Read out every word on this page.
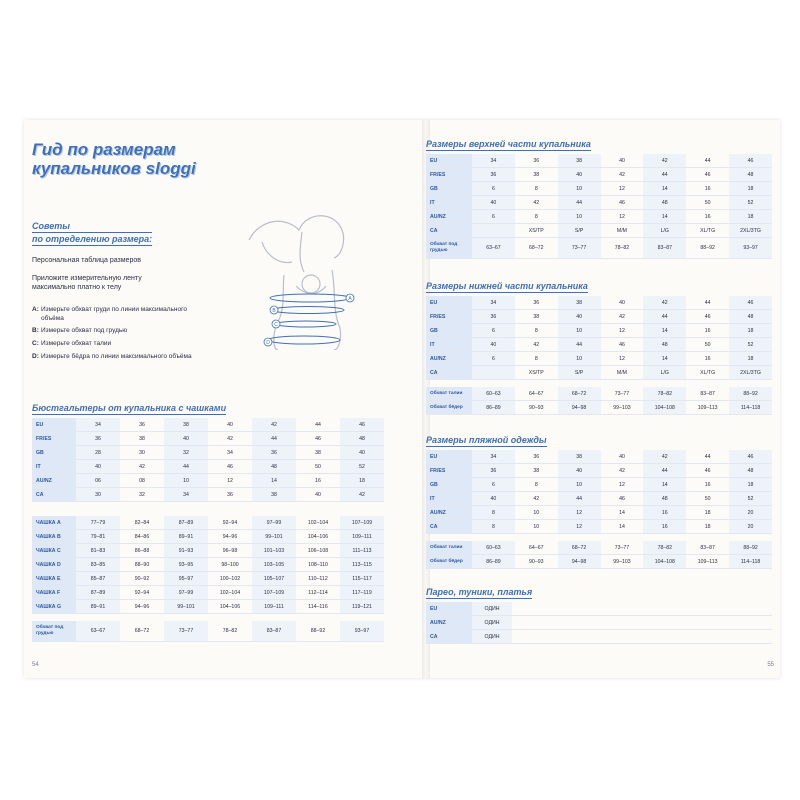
Гид по размерам
купальников sloggi
Советы
по отределению размера:
Персональная таблица размеров
Приложите измерительную ленту
максимально платно к телу
A: Измерьте обхват груди по линии максимального объёма
B: Измерьте обхват под грудью
C: Измерьте обхват талии
D: Измерьте бёдра по линии максимального объёма
A
B
C
D
Бюстгальтеры от купальника с чашками
EU	34	36	38	40	42	44	46
FR/ES	36	38	40	42	44	46	48
GB	28	30	32	34	36	38	40
IT	40	42	44	46	48	50	52
AU/NZ	06	08	10	12	14	16	18
CA	30	32	34	36	38	40	42

ЧАШКА A	77–79	82–84	87–89	92–94	97–99	102–104	107–109
ЧАШКА B	79–81	84–86	89–91	94–96	99–101	104–106	109–111
ЧАШКА C	81–83	86–88	91–93	96–98	101–103	106–108	111–113
ЧАШКА D	83–85	88–90	93–95	98–100	103–105	108–110	113–115
ЧАШКА E	85–87	90–92	95–97	100–102	105–107	110–112	115–117
ЧАШКА F	87–89	92–94	97–99	102–104	107–109	112–114	117–119
ЧАШКА G	89–91	94–96	99–101	104–106	109–111	114–116	119–121

Обхват под грудью	63–67	68–72	73–77	78–82	83–87	88–92	93–97
54
Размеры верхней части купальника
EU	34	36	38	40	42	44	46
FR/ES	36	38	40	42	44	46	48
GB	6	8	10	12	14	16	18
IT	40	42	44	46	48	50	52
AU/NZ	6	8	10	12	14	16	18
CA		XS/TP	S/P	M/M	L/G	XL/TG	2XL/3TG
Обхват под грудью	63–67	68–72	73–77	78–82	83–87	88–92	93–97
Размеры нижней части купальника
EU	34	36	38	40	42	44	46
FR/ES	36	38	40	42	44	46	48
GB	6	8	10	12	14	16	18
IT	40	42	44	46	48	50	52
AU/NZ	6	8	10	12	14	16	18
CA		XS/TP	S/P	M/M	L/G	XL/TG	2XL/3TG

Обхват талии	60–63	64–67	68–72	73–77	78–82	83–87	88–92
Обхват бёдер	86–89	90–93	94–98	99–103	104–108	109–113	114–118
Размеры пляжной одежды
EU	34	36	38	40	42	44	46
FR/ES	36	38	40	42	44	46	48
GB	6	8	10	12	14	16	18
IT	40	42	44	46	48	50	52
AU/NZ	8	10	12	14	16	18	20
CA	8	10	12	14	16	18	20

Обхват талии	60–63	64–67	68–72	73–77	78–82	83–87	88–92
Обхват бёдер	86–89	90–93	94–98	99–103	104–108	109–113	114–118
Парео, туники, платья
EU	ОДИН	
AU/NZ	ОДИН	
CA	ОДИН	
55
